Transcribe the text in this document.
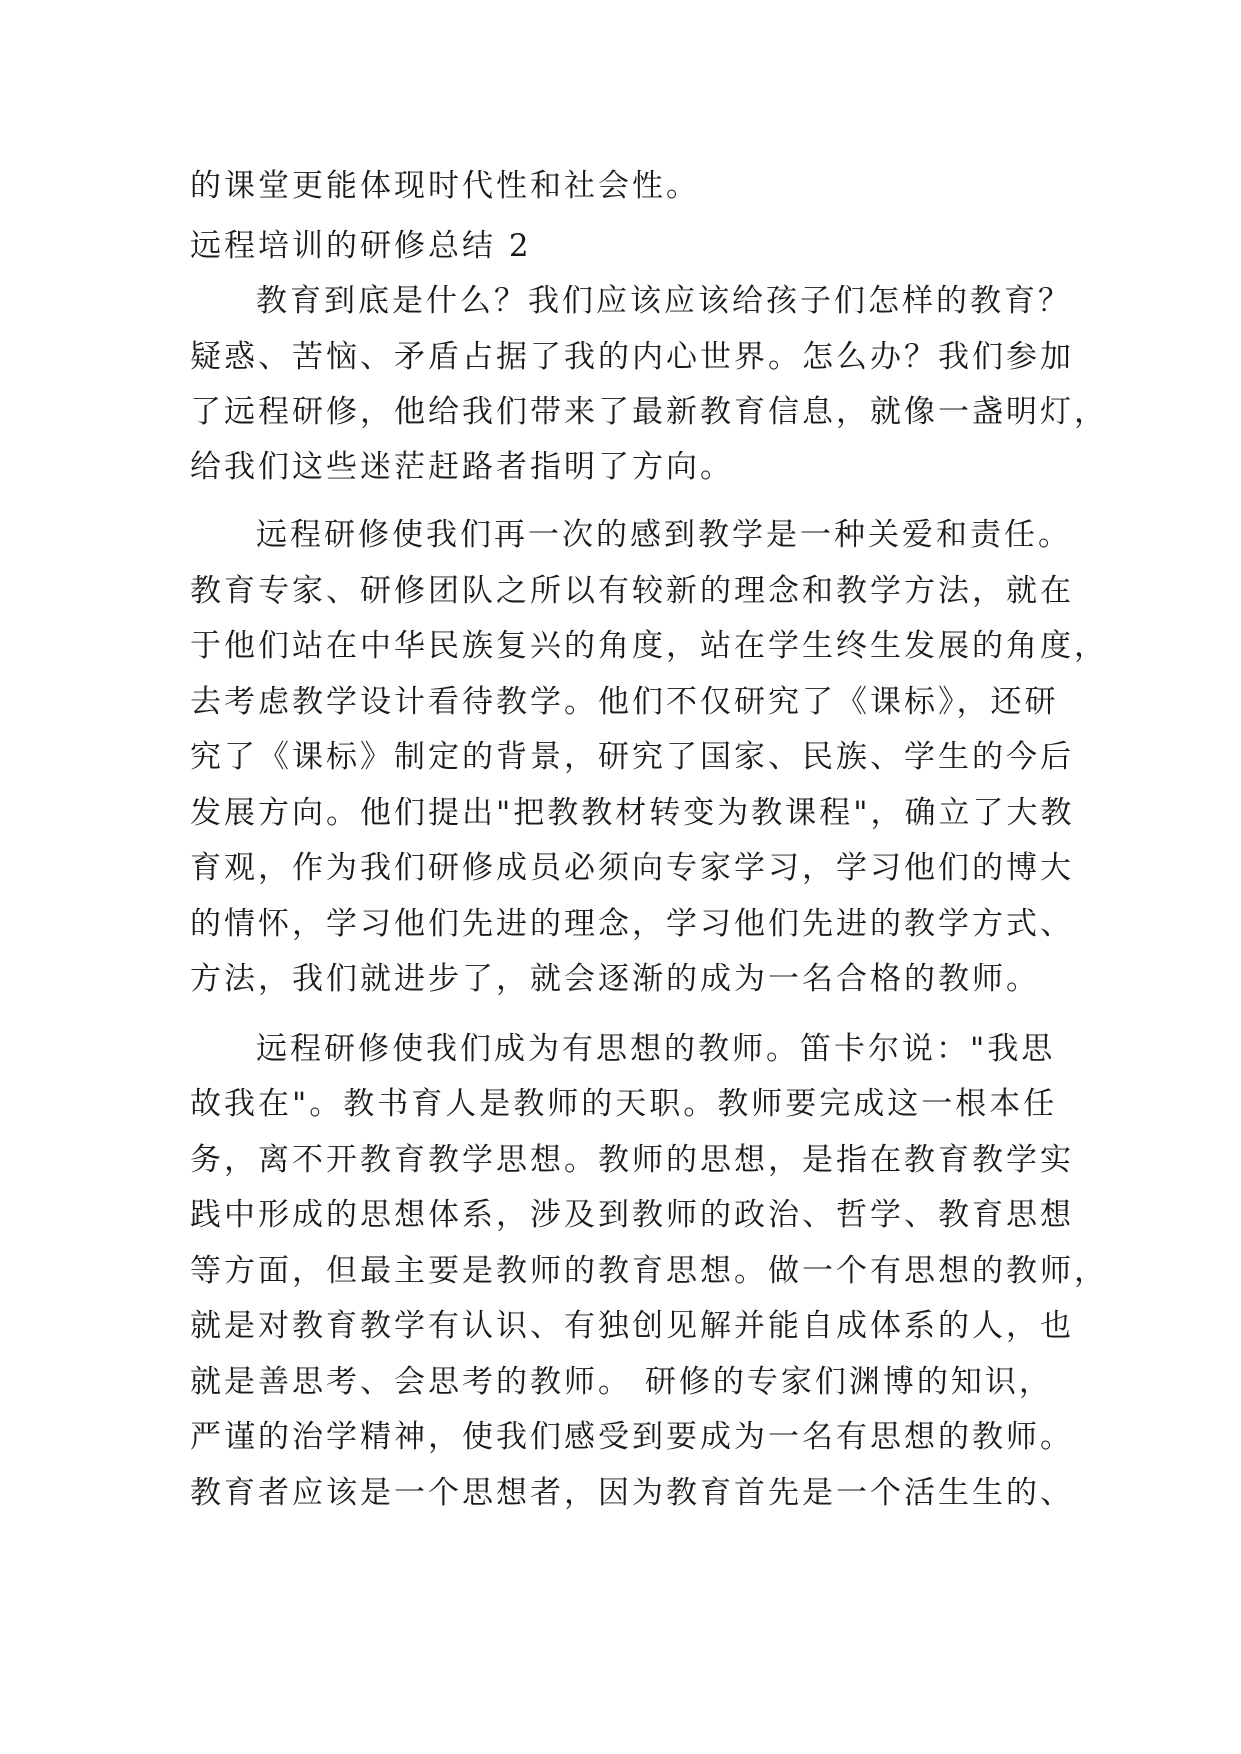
的课堂更能体现时代性和社会性。
远程培训的研修总结 2
教育到底是什么？我们应该应该给孩子们怎样的教育？
疑惑、苦恼、矛盾占据了我的内心世界。怎么办？我们参加
了远程研修，他给我们带来了最新教育信息，就像一盏明灯，
给我们这些迷茫赶路者指明了方向。
远程研修使我们再一次的感到教学是一种关爱和责任。
教育专家、研修团队之所以有较新的理念和教学方法，就在
于他们站在中华民族复兴的角度，站在学生终生发展的角度，
去考虑教学设计看待教学。他们不仅研究了《课标》，还研
究了《课标》制定的背景，研究了国家、民族、学生的今后
发展方向。他们提出"把教教材转变为教课程"，确立了大教
育观，作为我们研修成员必须向专家学习，学习他们的博大
的情怀，学习他们先进的理念，学习他们先进的教学方式、
方法，我们就进步了，就会逐渐的成为一名合格的教师。
远程研修使我们成为有思想的教师。笛卡尔说："我思
故我在"。教书育人是教师的天职。教师要完成这一根本任
务，离不开教育教学思想。教师的思想，是指在教育教学实
践中形成的思想体系，涉及到教师的政治、哲学、教育思想
等方面，但最主要是教师的教育思想。做一个有思想的教师，
就是对教育教学有认识、有独创见解并能自成体系的人，也
就是善思考、会思考的教师。 研修的专家们渊博的知识，
严谨的治学精神，使我们感受到要成为一名有思想的教师。
教育者应该是一个思想者，因为教育首先是一个活生生的、
